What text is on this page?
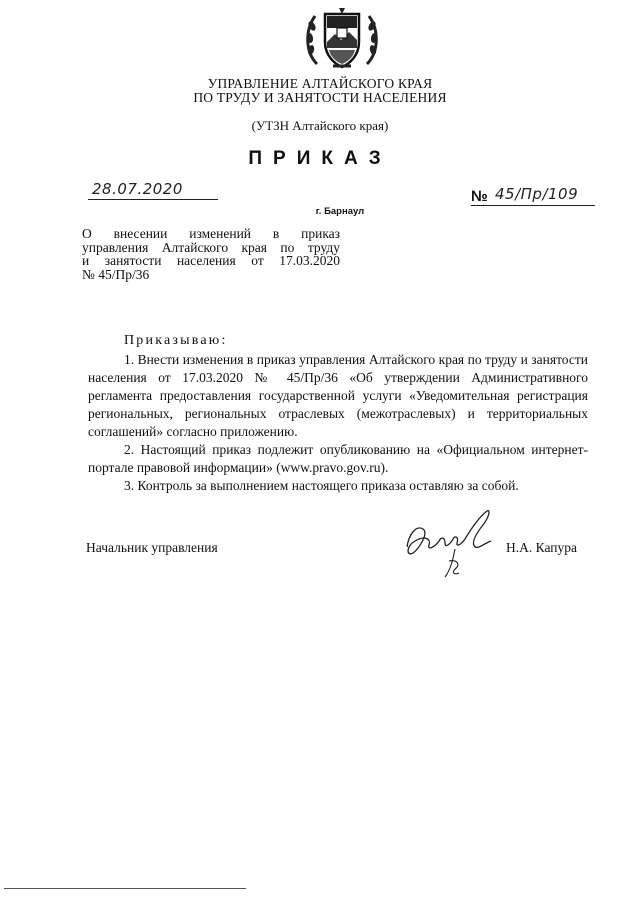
УПРАВЛЕНИЕ АЛТАЙСКОГО КРАЯ
ПО ТРУДУ И ЗАНЯТОСТИ НАСЕЛЕНИЯ
(УТЗН Алтайского края)
ПРИКАЗ
28.07.2020
г. Барнаул
№ 45/Пр/109
О внесении изменений в приказ
управления Алтайского края по труду
и занятости населения от 17.03.2020
№ 45/Пр/36
Приказываю:

1. Внести изменения в приказ управления Алтайского края по труду и занятости населения от 17.03.2020 № 45/Пр/36 «Об утверждении Административного регламента предоставления государственной услуги «Уведомительная регистрация региональных, региональных отраслевых (межотраслевых) и территориальных соглашений» согласно приложению.

2. Настоящий приказ подлежит опубликованию на «Официальном интернет-портале правовой информации» (www.pravo.gov.ru).

3. Контроль за выполнением настоящего приказа оставляю за собой.

Начальник управления	Н.А. Капура
